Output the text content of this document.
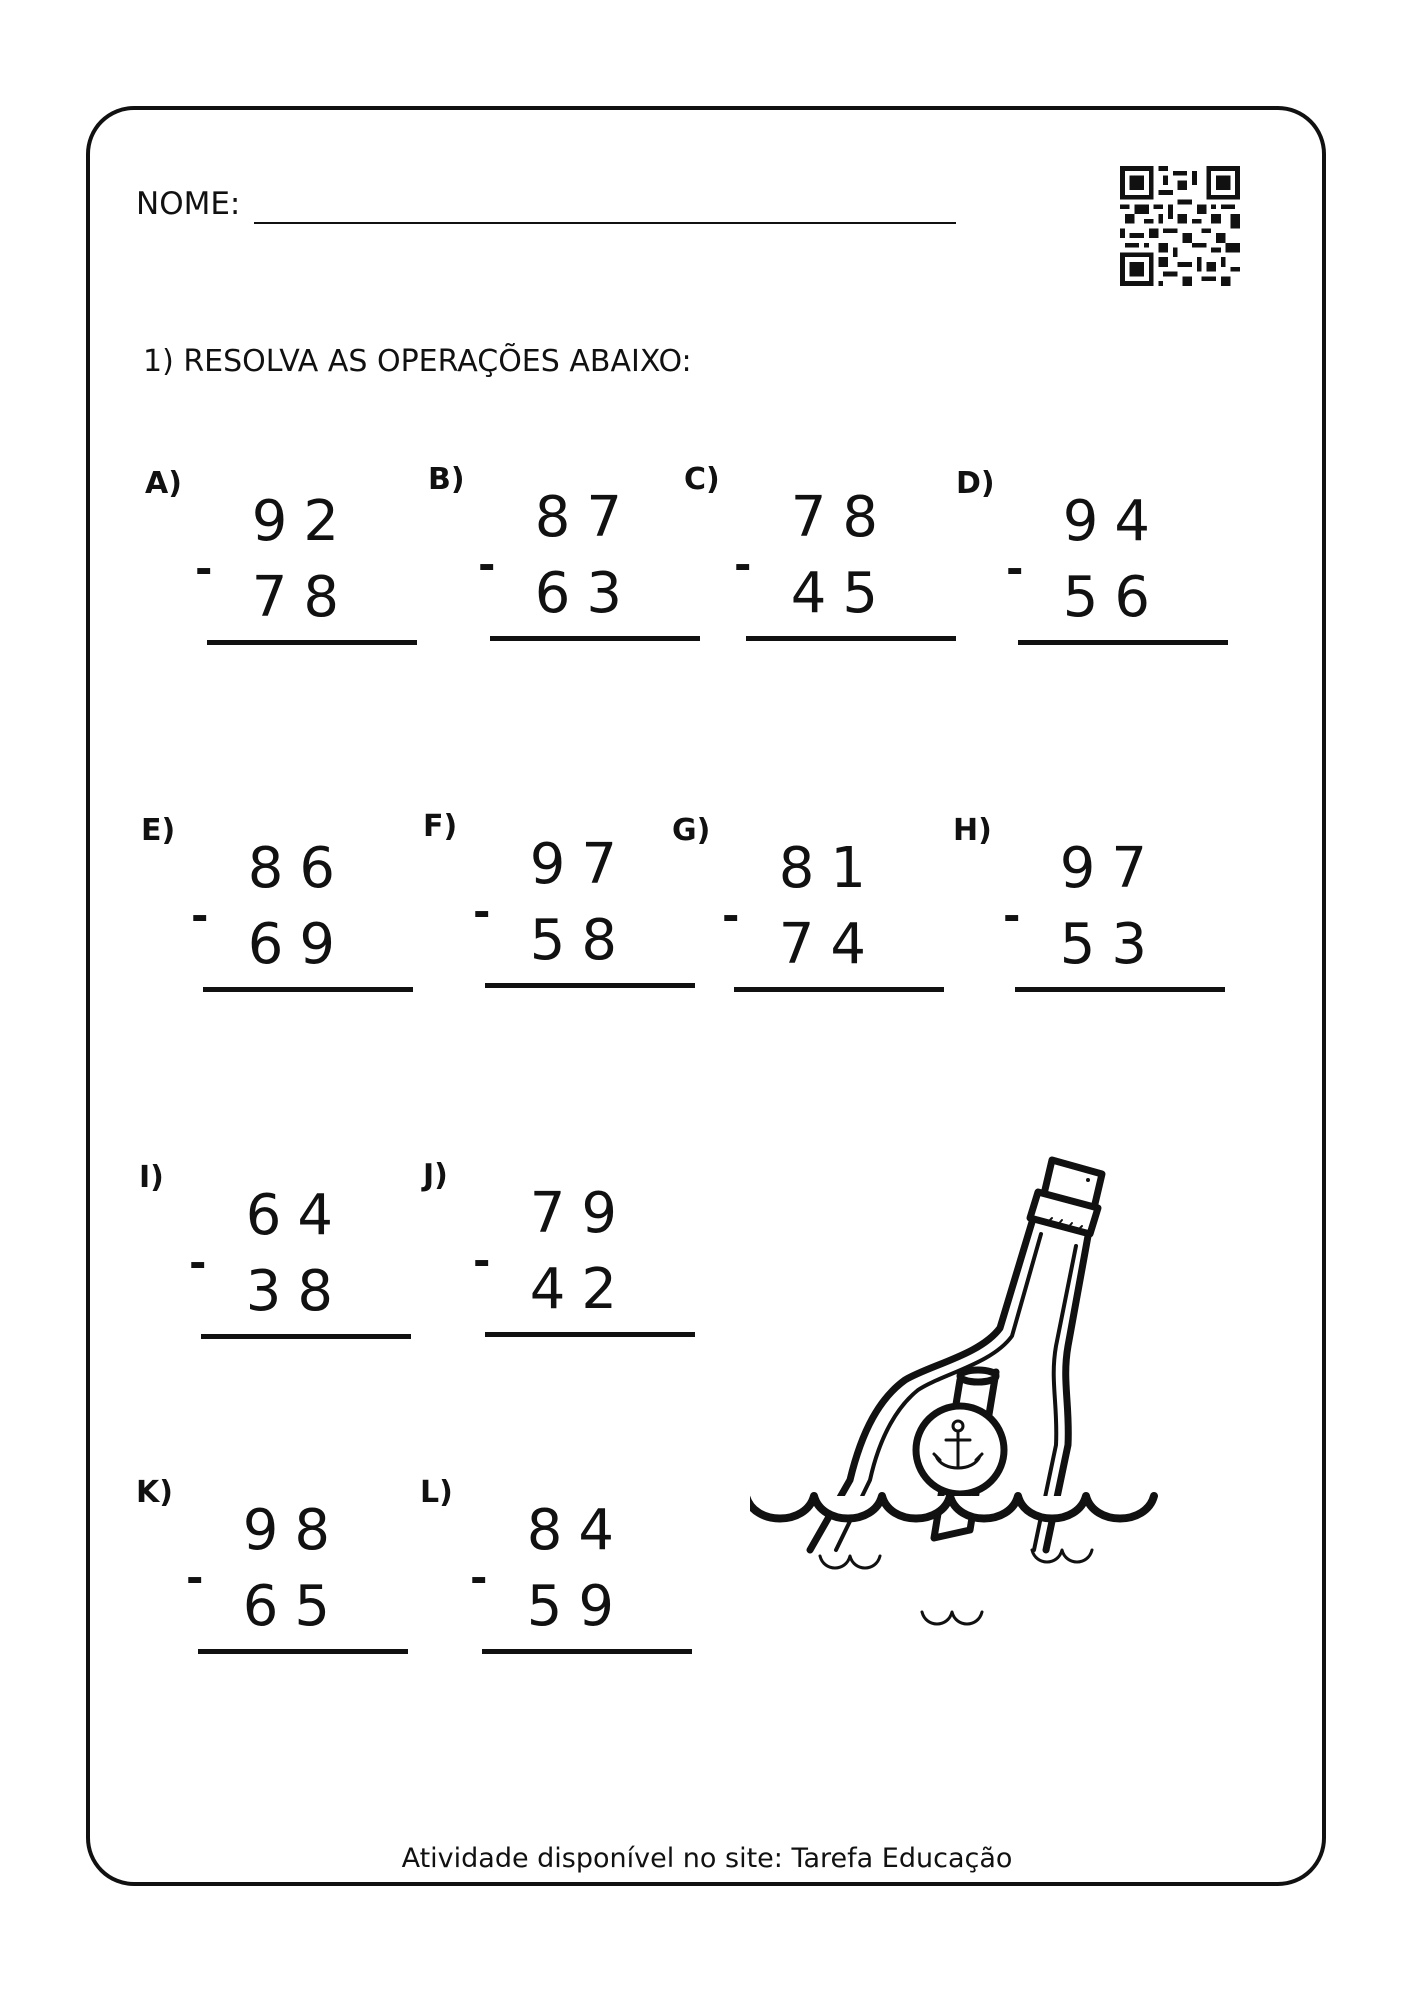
NOME:
1) RESOLVA AS OPERAÇÕES ABAIXO:
A)
92
- 78
B)
87
- 63
C)
78
- 45
D)
94
- 56
E)
86
- 69
F)
97
- 58
G)
81
- 74
H)
97
- 53
I)
64
- 38
J)
79
- 42
K)
98
- 65
L)
84
- 59
Atividade disponível no site: Tarefa Educação
